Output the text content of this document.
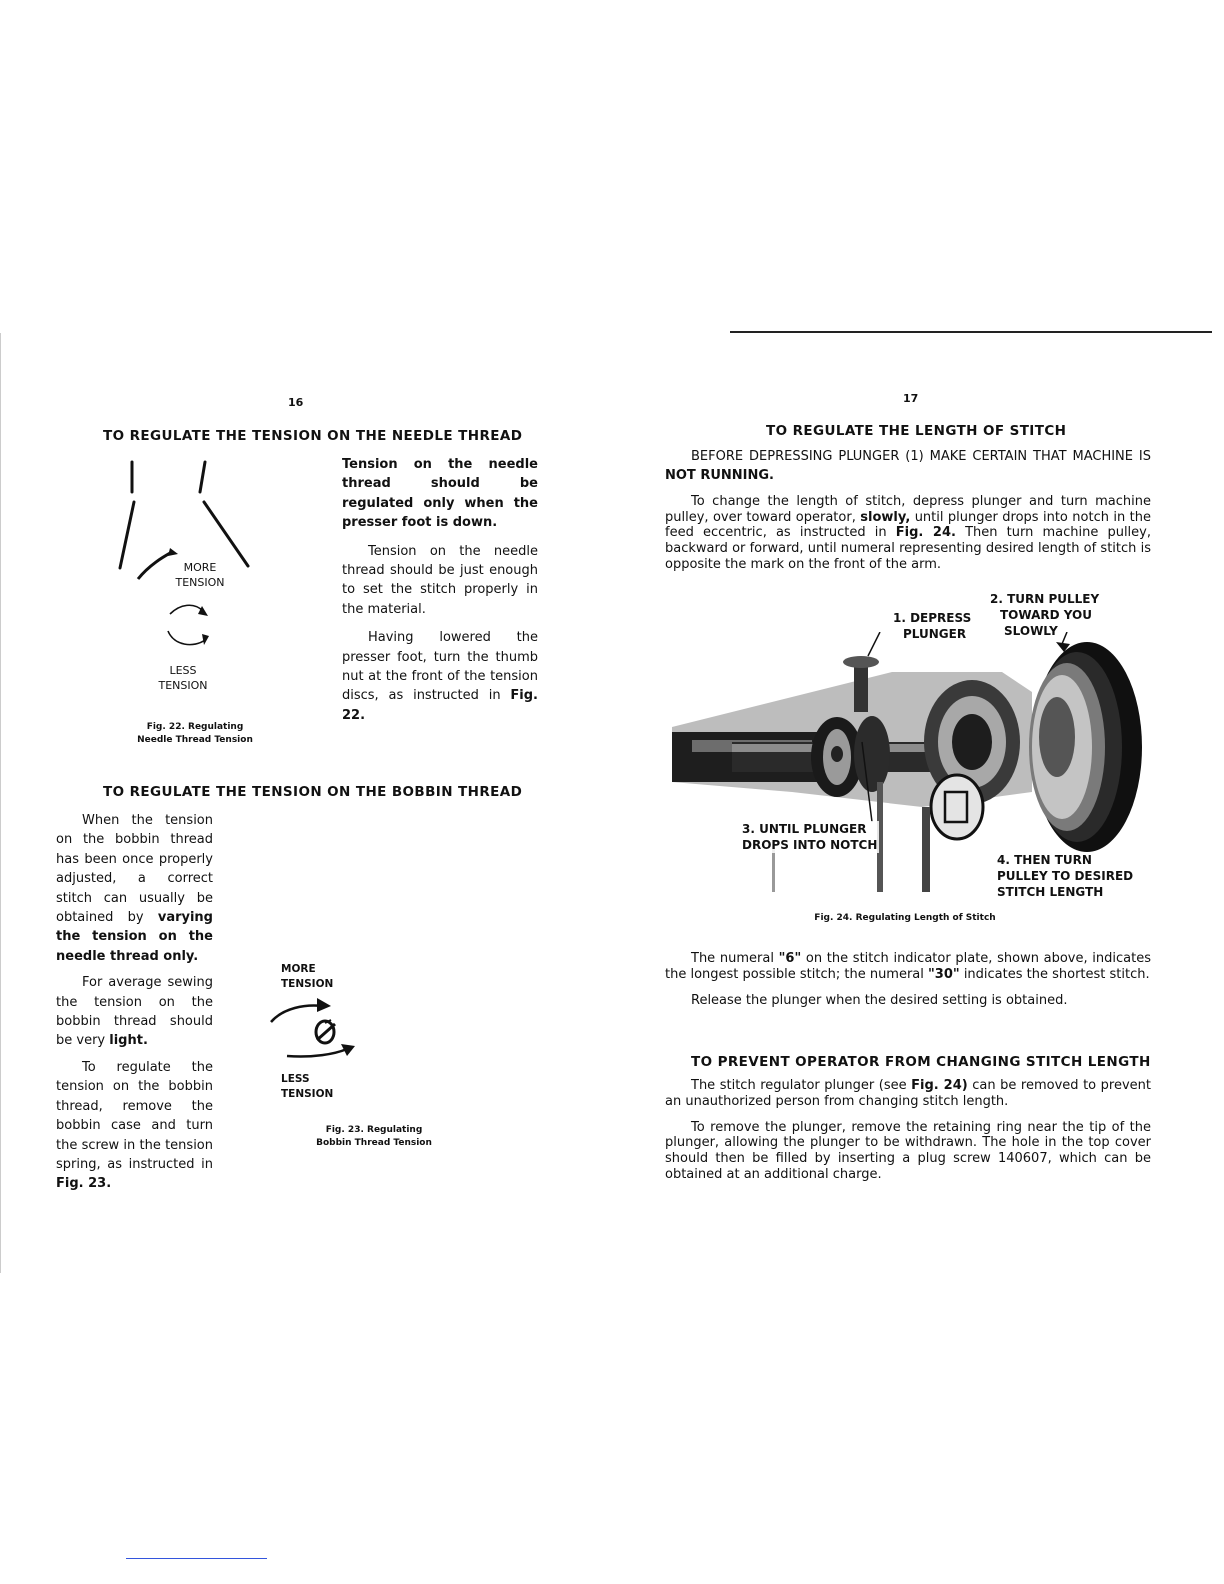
16
TO REGULATE THE TENSION ON THE NEEDLE THREAD
MORE
TENSION
LESS
TENSION
Fig. 22. Regulating
Needle Thread Tension

Tension on the needle thread should be regulated only when the presser foot is down.

Tension on the needle thread should be just enough to set the stitch properly in the material.

Having lowered the presser foot, turn the thumb nut at the front of the tension discs, as instructed in Fig. 22.

TO REGULATE THE TENSION ON THE BOBBIN THREAD

When the tension on the bobbin thread has been once properly adjusted, a correct stitch can usually be obtained by varying the tension on the needle thread only.

For average sewing the tension on the bobbin thread should be very light.

To regulate the tension on the bobbin thread, remove the bobbin case and turn the screw in the tension spring, as instructed in Fig. 23.

MORE
TENSION
LESS
TENSION
Fig. 23. Regulating
Bobbin Thread Tension
17
TO REGULATE THE LENGTH OF STITCH

BEFORE DEPRESSING PLUNGER (1) MAKE CERTAIN THAT MACHINE IS NOT RUNNING.

To change the length of stitch, depress plunger and turn machine pulley, over toward operator, slowly, until plunger drops into notch in the feed eccentric, as instructed in Fig. 24. Then turn machine pulley, backward or forward, until numeral representing desired length of stitch is opposite the mark on the front of the arm.

1. DEPRESS
PLUNGER
2. TURN PULLEY
TOWARD YOU
SLOWLY
3. UNTIL PLUNGER
DROPS INTO NOTCH
4. THEN TURN
PULLEY TO DESIRED
STITCH LENGTH
Fig. 24. Regulating Length of Stitch

The numeral "6" on the stitch indicator plate, shown above, indicates the longest possible stitch; the numeral "30" indicates the shortest stitch.

Release the plunger when the desired setting is obtained.

TO PREVENT OPERATOR FROM CHANGING STITCH LENGTH

The stitch regulator plunger (see Fig. 24) can be removed to prevent an unauthorized person from changing stitch length.

To remove the plunger, remove the retaining ring near the tip of the plunger, allowing the plunger to be withdrawn. The hole in the top cover should then be filled by inserting a plug screw 140607, which can be obtained at an additional charge.
